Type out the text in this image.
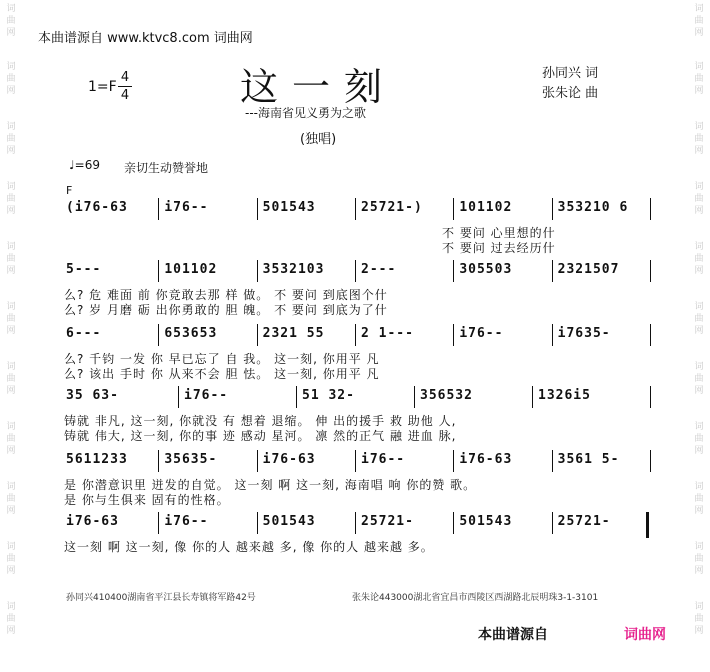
词
曲
网
词
曲
网
词
曲
网
词
曲
网
词
曲
网
词
曲
网
词
曲
网
词
曲
网
词
曲
网
词
曲
网
词
曲
网
词
曲
网
词
曲
网
词
曲
网
词
曲
网
词
曲
网
词
曲
网
词
曲
网
词
曲
网
词
曲
网
词
曲
网
词
曲
网
本曲谱源自 www.ktvc8.com 词曲网
1=F
4
4	这一刻
---海南省见义勇为之歌
(独唱)
孙同兴 词
张朱论 曲
♩=69 亲切生动赞誉地
F
(i76-63	i76--	501543	25721-)	101102	353210 6
不 要问 心里想的什
不 要问 过去经历什
5---	101102	3532103	2---	305503	2321507
么? 危 难面 前 你竞敢去那 样 做。 不 要问 到底图个什
么? 岁 月磨 砺 出你勇敢的 胆 魄。 不 要问 到底为了什
6---	653653	2321 55	2 1---	i76--	i7635-
么? 千钧 一发 你 早已忘了 自 我。 这一刻, 你用平 凡
么? 该出 手时 你 从来不会 胆 怯。 这一刻, 你用平 凡
35 63-	i76--	51 32-	356532	1326i5
铸就 非凡, 这一刻, 你就没 有 想着 退缩。 伸 出的援手 救 助他 人,
铸就 伟大, 这一刻, 你的事 迹 感动 星河。 凛 然的正气 融 进血 脉,
5611233	35635-	i76-63	i76--	i76-63	3561 5-
是 你潜意识里 迸发的自觉。 这一刻 啊 这一刻, 海南唱 响 你的赞 歌。
是 你与生俱来 固有的性格。
i76-63	i76--	501543	25721-	501543	25721-
这一刻 啊 这一刻, 像 你的人 越来越 多, 像 你的人 越来越 多。
孙同兴410400湖南省平江县长寿镇将军路42号	张朱论443000湖北省宜昌市西陵区西湖路北辰明珠3-1-3101
本曲谱源自	词曲网
